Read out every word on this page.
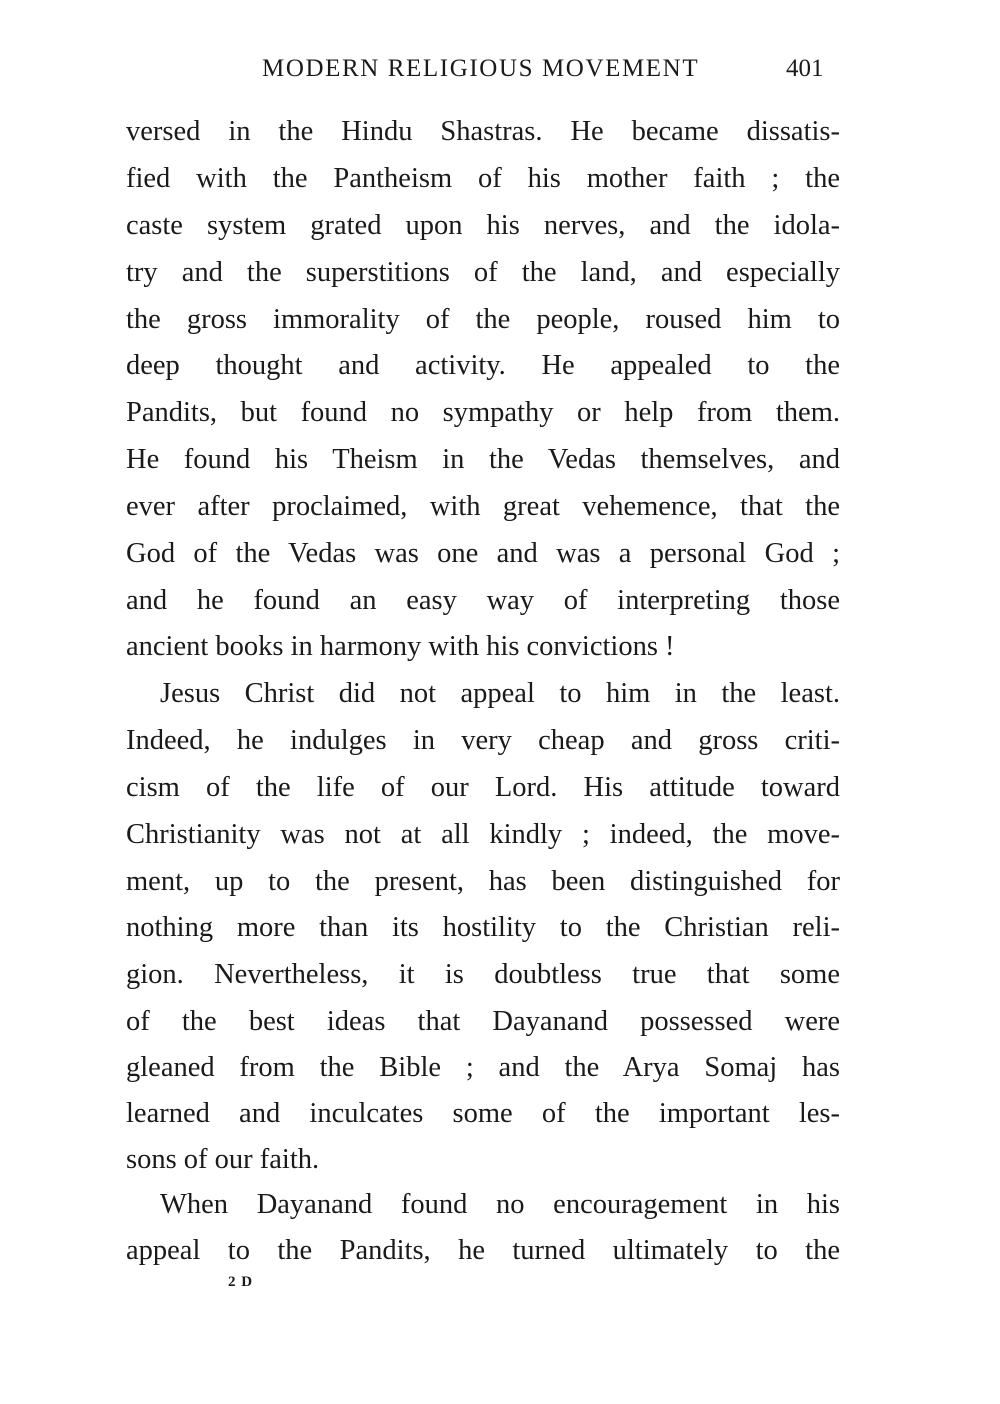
MODERN RELIGIOUS MOVEMENT	401
versed in the Hindu Shastras. He became dissatis-
fied with the Pantheism of his mother faith ; the
caste system grated upon his nerves, and the idola-
try and the superstitions of the land, and especially
the gross immorality of the people, roused him to
deep thought and activity. He appealed to the
Pandits, but found no sympathy or help from them.
He found his Theism in the Vedas themselves, and
ever after proclaimed, with great vehemence, that the
God of the Vedas was one and was a personal God ;
and he found an easy way of interpreting those
ancient books in harmony with his convictions !
Jesus Christ did not appeal to him in the least.
Indeed, he indulges in very cheap and gross criti-
cism of the life of our Lord. His attitude toward
Christianity was not at all kindly ; indeed, the move-
ment, up to the present, has been distinguished for
nothing more than its hostility to the Christian reli-
gion. Nevertheless, it is doubtless true that some
of the best ideas that Dayanand possessed were
gleaned from the Bible ; and the Arya Somaj has
learned and inculcates some of the important les-
sons of our faith.
When Dayanand found no encouragement in his
appeal to the Pandits, he turned ultimately to the
2 D
